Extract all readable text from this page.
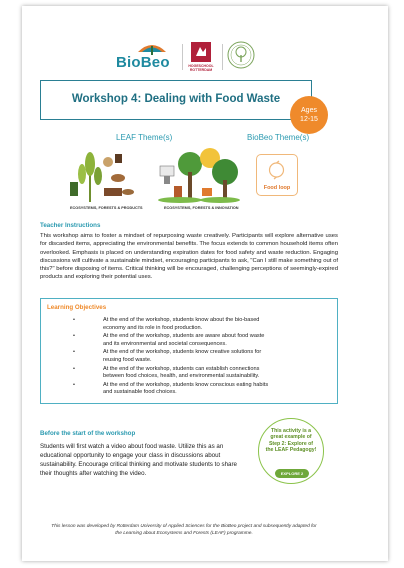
BioBeo	HOGESCHOOL ROTTERDAM
Workshop 4: Dealing with Food Waste
Ages
12-15
LEAF Theme(s)	BioBeo Theme(s)
ECOSYSTEMS, FORESTS & PRODUCTS	ECOSYSTEMS, FORESTS & INNOVATION
Food loop
Teacher Instructions
This workshop aims to foster a mindset of repurposing waste creatively. Participants will explore alternative uses for discarded items, appreciating the environmental benefits. The focus extends to common household items often overlooked. Emphasis is placed on understanding expiration dates for food safety and waste reduction. Engaging discussions will cultivate a sustainable mindset, encouraging participants to ask, "Can I still make something out of this?" before disposing of items. Critical thinking will be encouraged, challenging perceptions of seemingly-expired products and exploring their potential uses.
Learning Objectives
•	At the end of the workshop, students know about the bio-based economy and its role in food production.
•	At the end of the workshop, students are aware about food waste and its environmental and societal consequences.
•	At the end of the workshop, students know creative solutions for reusing food waste.
•	At the end of the workshop, students can establish connections between food choices, health, and environmental sustainability.
•	At the end of the workshop, students know conscious eating habits and sustainable food choices.
Before the start of the workshop
Students will first watch a video about food waste. Utilize this as an educational opportunity to engage your class in discussions about sustainability. Encourage critical thinking and motivate students to share their thoughts after watching the video.
This activity is a great example of Step 2: Explore of the LEAF Pedagogy!
EXPLORE 2
This lesson was developed by Rotterdam University of Applied Sciences for the BioBeo project and subsequently adapted for the Learning about Ecosystems and Forests (LEAF) programme.
